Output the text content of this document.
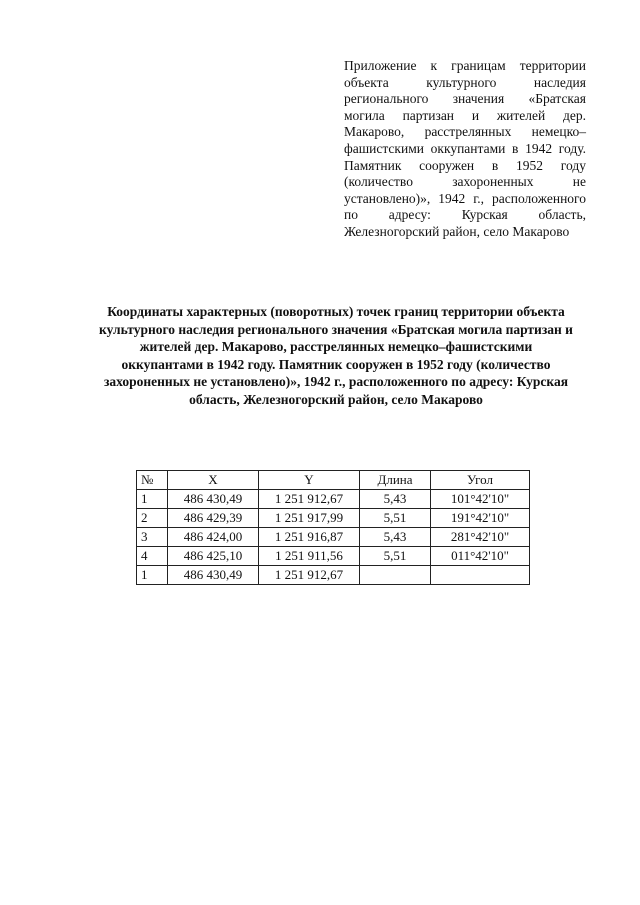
Приложение к границам территории объекта культурного наследия регионального значения «Братская могила партизан и жителей дер. Макарово, расстрелянных немецко–фашистскими оккупантами в 1942 году. Памятник сооружен в 1952 году (количество захороненных не установлено)», 1942 г., расположенного по адресу: Курская область, Железногорский район, село Макарово
Координаты характерных (поворотных) точек границ территории объекта культурного наследия регионального значения «Братская могила партизан и жителей дер. Макарово, расстрелянных немецко–фашистскими оккупантами в 1942 году. Памятник сооружен в 1952 году (количество захороненных не установлено)», 1942 г., расположенного по адресу: Курская область, Железногорский район, село Макарово
№	X	Y	Длина	Угол
1	486 430,49	1 251 912,67	5,43	101°42'10"
2	486 429,39	1 251 917,99	5,51	191°42'10"
3	486 424,00	1 251 916,87	5,43	281°42'10"
4	486 425,10	1 251 911,56	5,51	011°42'10"
1	486 430,49	1 251 912,67		
